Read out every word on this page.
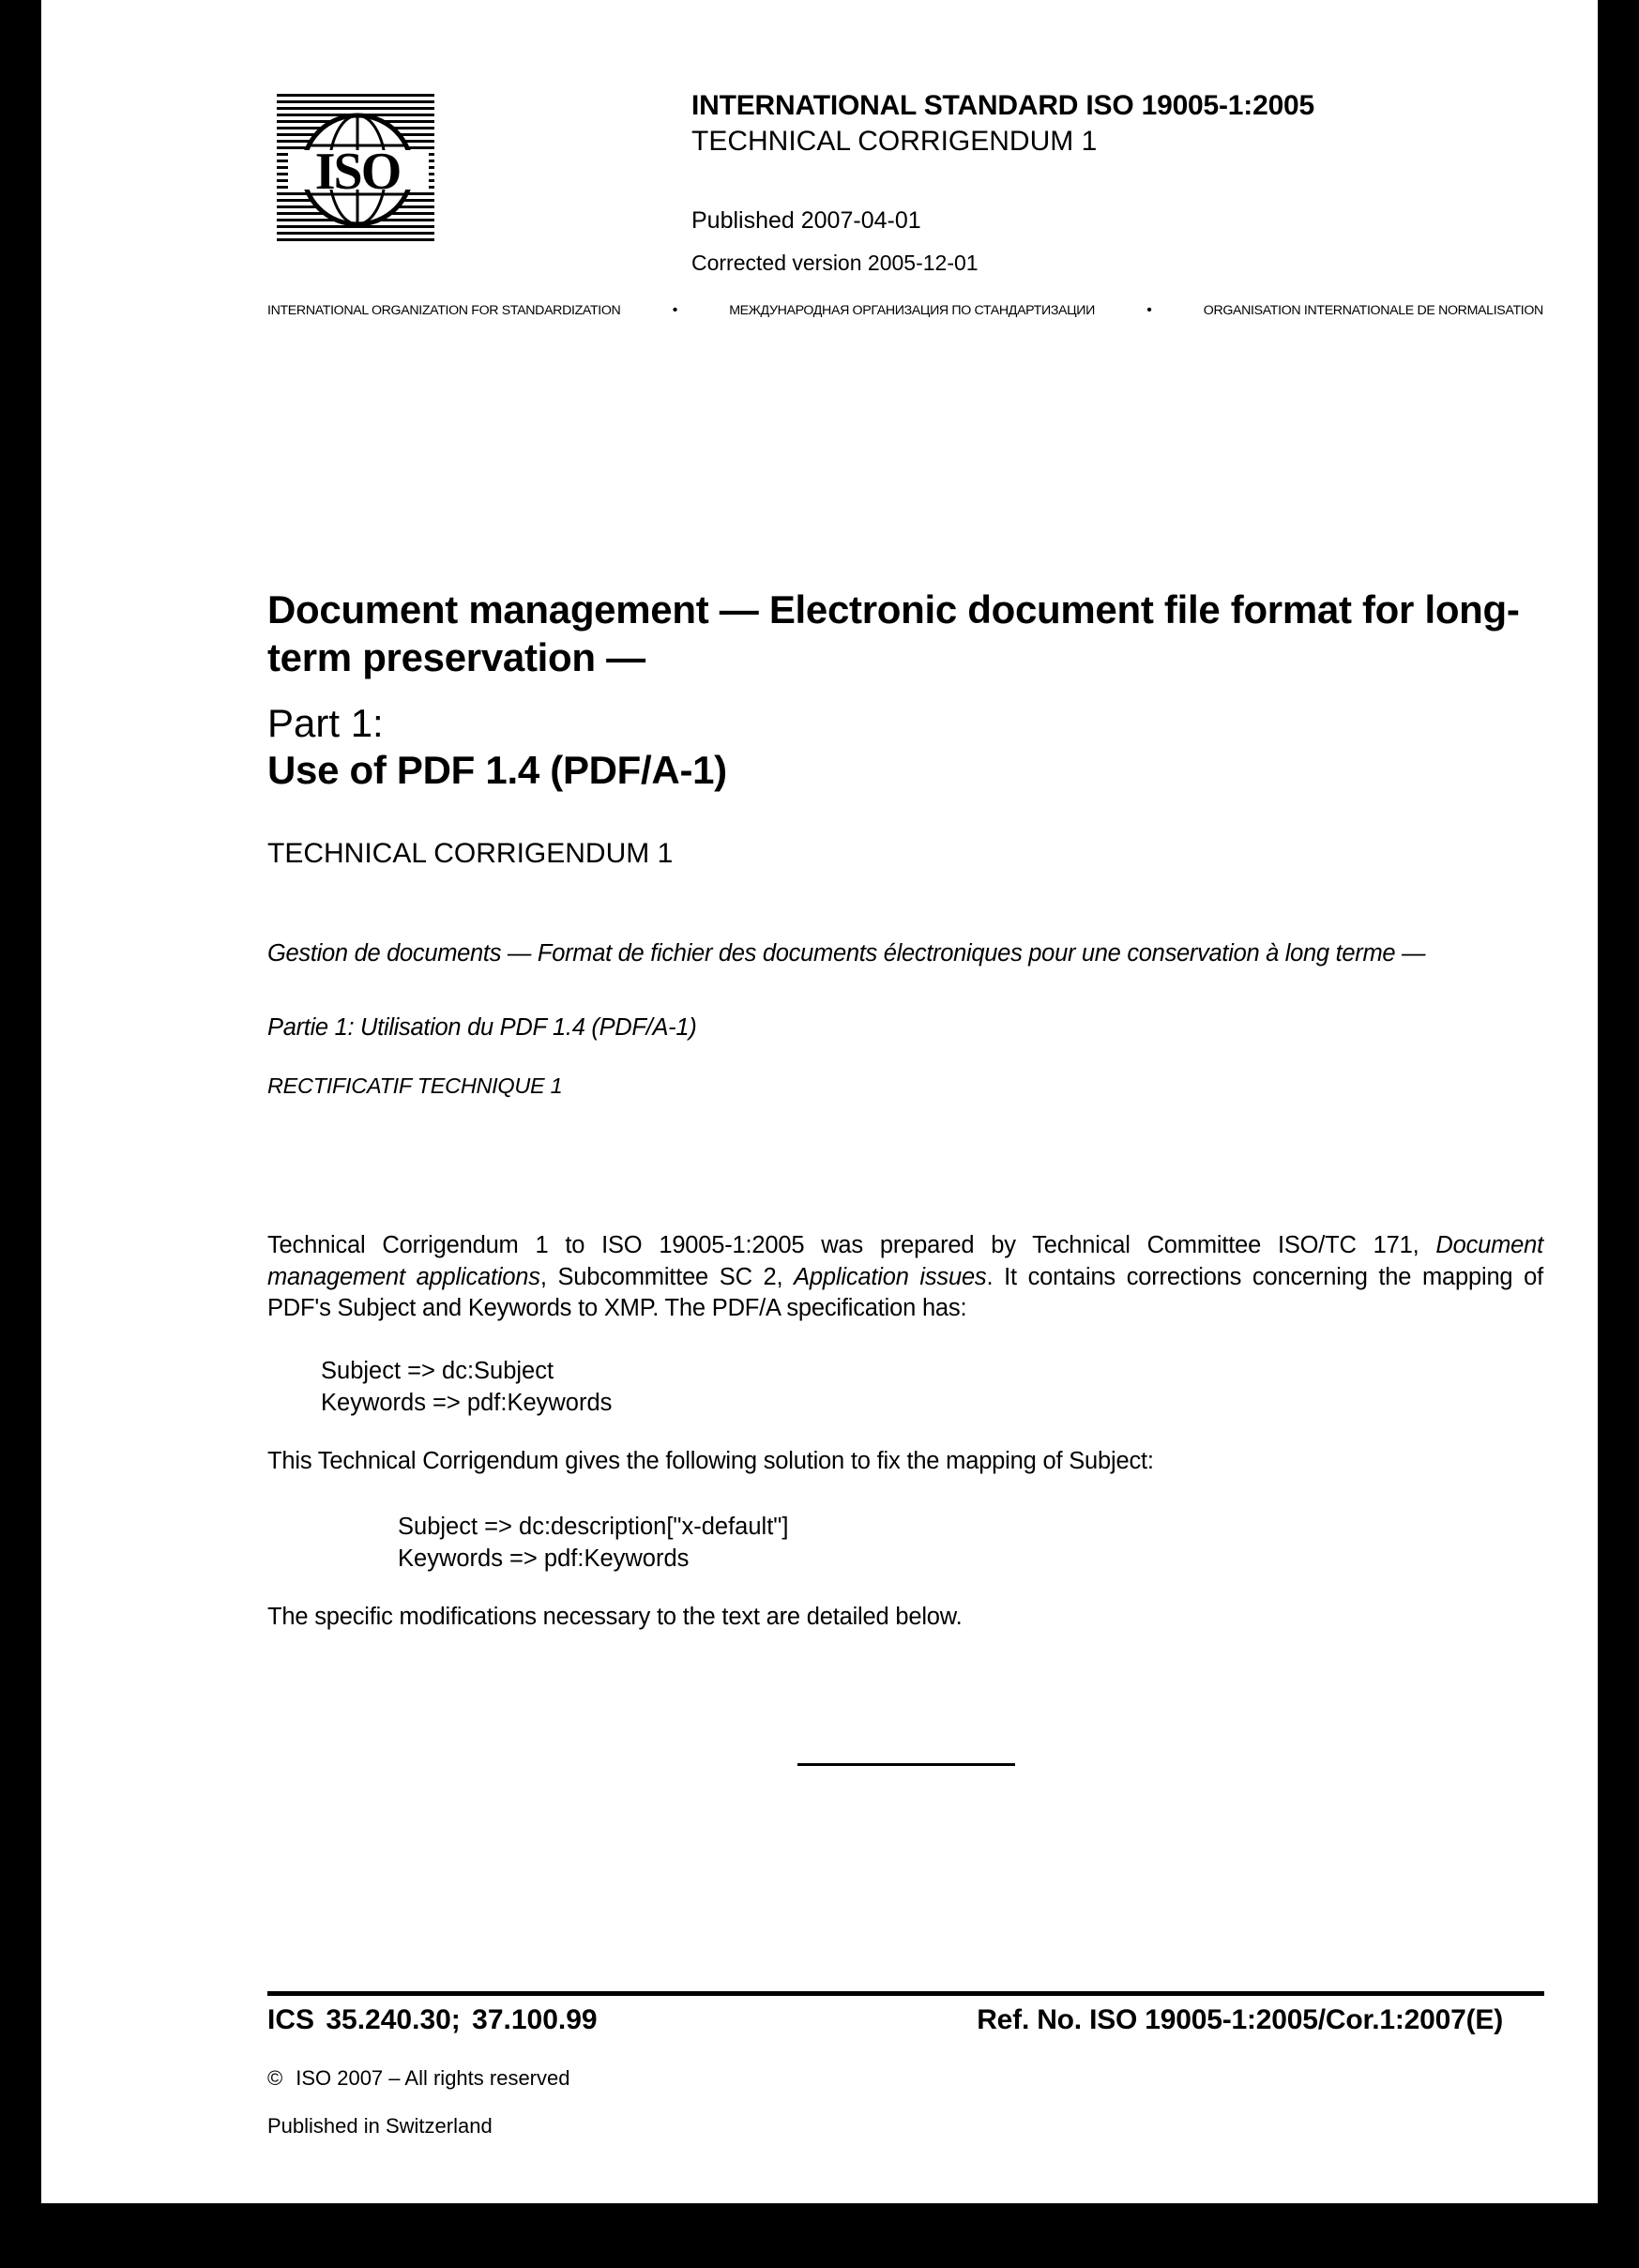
ISO
INTERNATIONAL STANDARD ISO 19005-1:2005
TECHNICAL CORRIGENDUM 1
Published 2007-04-01
Corrected version 2005-12-01
INTERNATIONAL ORGANIZATION FOR STANDARDIZATION	•	МЕЖДУНАРОДНАЯ ОРГАНИЗАЦИЯ ПО СТАНДАРТИЗАЦИИ	•	ORGANISATION INTERNATIONALE DE NORMALISATION
Document management — Electronic document file format for long-term preservation —
Part 1:
Use of PDF 1.4 (PDF/A-1)
TECHNICAL CORRIGENDUM 1
Gestion de documents — Format de fichier des documents électroniques pour une conservation à long terme —
Partie 1: Utilisation du PDF 1.4 (PDF/A-1)
RECTIFICATIF TECHNIQUE 1
Technical Corrigendum 1 to ISO 19005-1:2005 was prepared by Technical Committee ISO/TC 171, Document management applications, Subcommittee SC 2, Application issues. It contains corrections concerning the mapping of PDF's Subject and Keywords to XMP. The PDF/A specification has:
Subject => dc:Subject
Keywords => pdf:Keywords
This Technical Corrigendum gives the following solution to fix the mapping of Subject:
Subject => dc:description["x-default"]
Keywords => pdf:Keywords
The specific modifications necessary to the text are detailed below.
ICS 35.240.30; 37.100.99	Ref. No. ISO 19005-1:2005/Cor.1:2007(E)
© ISO 2007 – All rights reserved
Published in Switzerland
